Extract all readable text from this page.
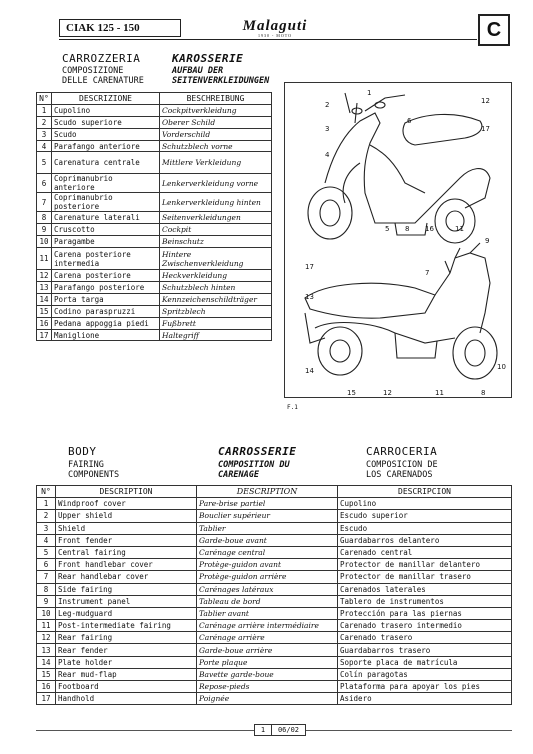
CIAK 125 - 150	Malaguti
1930 - MOTO	C
CARROZZERIA	KAROSSERIE
COMPOSIZIONE
DELLE CARENATURE
AUFBAU DER
SEITENVERKLEIDUNGEN
N°	DESCRIZIONE	BESCHREIBUNG
1	Cupolino	Cockpitverkleidung
2	Scudo superiore	Oberer Schild
3	Scudo	Vorderschild
4	Parafango anteriore	Schutzblech vorne
5	Carenatura centrale	Mittlere Verkleidung
6	Coprimanubrio anteriore	Lenkerverkleidung vorne
7	Coprimanubrio posteriore	Lenkerverkleidung hinten
8	Carenature laterali	Seitenverkleidungen
9	Cruscotto	Cockpit
10	Paragambe	Beinschutz
11	Carena posteriore intermedia	Hintere Zwischenverkleidung
12	Carena posteriore	Heckverkleidung
13	Parafango posteriore	Schutzblech hinten
14	Porta targa	Kennzeichenschildträger
15	Codino paraspruzzi	Spritzblech
16	Pedana appoggia piedi	Fußbrett
17	Maniglione	Haltegriff
1
2
3
4
6
12
17
5 8 16	11
9
7
17
13
14
15	12	11	8
10
F.1
BODY	CARROSSERIE	CARROCERIA
FAIRING
COMPONENTS
COMPOSITION DU
CARENAGE
COMPOSICION DE
LOS CARENADOS
N°	DESCRIPTION	DESCRIPTION	DESCRIPCION
1	Windproof cover	Pare-brise partiel	Cupolino
2	Upper shield	Bouclier supérieur	Escudo superior
3	Shield	Tablier	Escudo
4	Front fender	Garde-boue avant	Guardabarros delantero
5	Central fairing	Carénage central	Carenado central
6	Front handlebar cover	Protège-guidon avant	Protector de manillar delantero
7	Rear handlebar cover	Protège-guidon arrière	Protector de manillar trasero
8	Side fairing	Carénages latéraux	Carenados laterales
9	Instrument panel	Tableau de bord	Tablero de instrumentos
10	Leg-mudguard	Tablier avant	Protección para las piernas
11	Post-intermediate fairing	Carénage arrière intermédiaire	Carenado trasero intermedio
12	Rear fairing	Carénage arrière	Carenado trasero
13	Rear fender	Garde-boue arrière	Guardabarros trasero
14	Plate holder	Porte plaque	Soporte placa de matrícula
15	Rear mud-flap	Bavette garde-boue	Colín paragotas
16	Footboard	Repose-pieds	Plataforma para apoyar los pies
17	Handhold	Poignée	Asidero
1	06/02
